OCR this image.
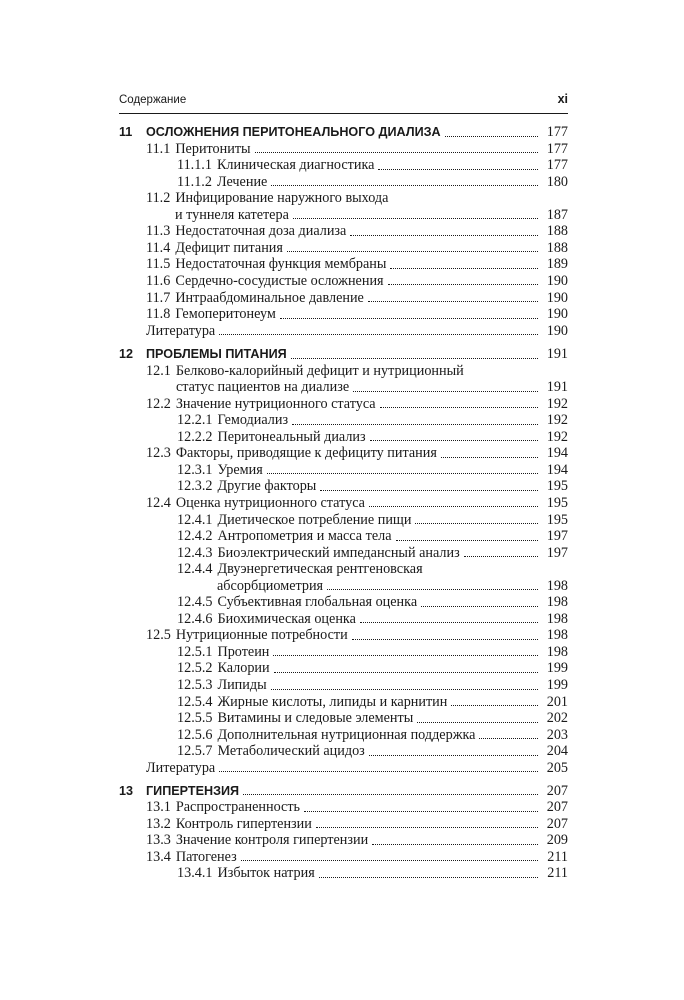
Содержание	xi
11 ОСЛОЖНЕНИЯ ПЕРИТОНЕАЛЬНОГО ДИАЛИЗА	177
11.1 Перитониты	177
11.1.1 Клиническая диагностика	177
11.1.2 Лечение	180
11.2 Инфицирование наружного выхода
и туннеля катетера	187
11.3 Недостаточная доза диализа	188
11.4 Дефицит питания	188
11.5 Недостаточная функция мембраны	189
11.6 Сердечно-сосудистые осложнения	190
11.7 Интраабдоминальное давление	190
11.8 Гемоперитонеум	190
Литература	190
12 ПРОБЛЕМЫ ПИТАНИЯ	191
12.1 Белково-калорийный дефицит и нутриционный
статус пациентов на диализе	191
12.2 Значение нутриционного статуса	192
12.2.1 Гемодиализ	192
12.2.2 Перитонеальный диализ	192
12.3 Факторы, приводящие к дефициту питания	194
12.3.1 Уремия	194
12.3.2 Другие факторы	195
12.4 Оценка нутриционного статуса	195
12.4.1 Диетическое потребление пищи	195
12.4.2 Антропометрия и масса тела	197
12.4.3 Биоэлектрический импедансный анализ	197
12.4.4 Двуэнергетическая рентгеновская
абсорбциометрия	198
12.4.5 Субъективная глобальная оценка	198
12.4.6 Биохимическая оценка	198
12.5 Нутриционные потребности	198
12.5.1 Протеин	198
12.5.2 Калории	199
12.5.3 Липиды	199
12.5.4 Жирные кислоты, липиды и карнитин	201
12.5.5 Витамины и следовые элементы	202
12.5.6 Дополнительная нутриционная поддержка	203
12.5.7 Метаболический ацидоз	204
Литература	205
13 ГИПЕРТЕНЗИЯ	207
13.1 Распространенность	207
13.2 Контроль гипертензии	207
13.3 Значение контроля гипертензии	209
13.4 Патогенез	211
13.4.1 Избыток натрия	211
